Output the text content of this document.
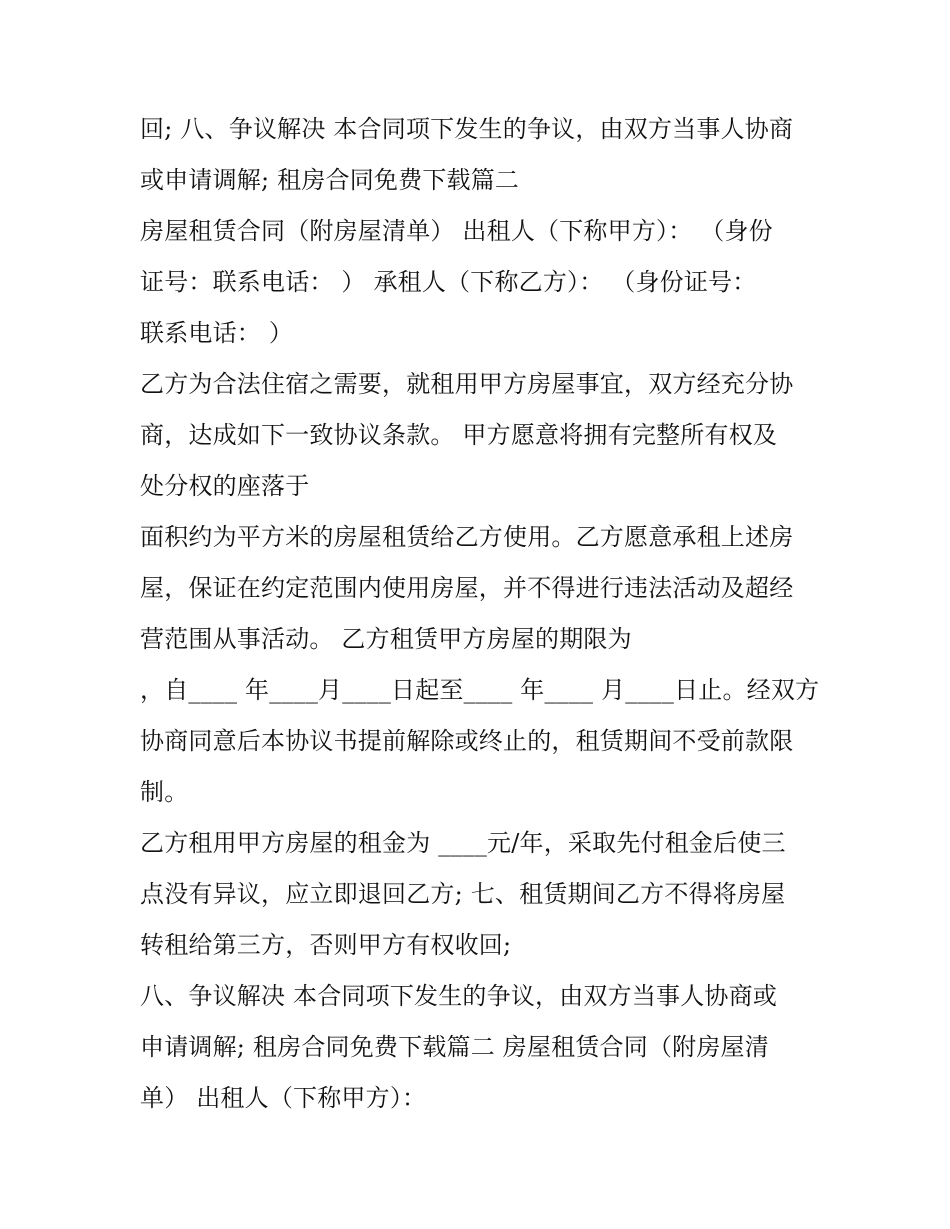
回; 八、争议解决 本合同项下发生的争议，由双方当事人协商
或申请调解; 租房合同免费下载篇二
房屋租赁合同（附房屋清单） 出租人（下称甲方）： （身份
证号：联系电话： ） 承租人（下称乙方）： （身份证号：
联系电话： ）
乙方为合法住宿之需要，就租用甲方房屋事宜，双方经充分协
商，达成如下一致协议条款。 甲方愿意将拥有完整所有权及
处分权的座落于
面积约为平方米的房屋租赁给乙方使用。乙方愿意承租上述房
屋，保证在约定范围内使用房屋，并不得进行违法活动及超经
营范围从事活动。 乙方租赁甲方房屋的期限为
，自____ 年____月____日起至____ 年____ 月____日止。经双方
协商同意后本协议书提前解除或终止的，租赁期间不受前款限
制。
乙方租用甲方房屋的租金为 ____元/年，采取先付租金后使三
点没有异议，应立即退回乙方; 七、租赁期间乙方不得将房屋
转租给第三方，否则甲方有权收回;
八、争议解决 本合同项下发生的争议，由双方当事人协商或
申请调解; 租房合同免费下载篇二 房屋租赁合同（附房屋清
单） 出租人（下称甲方）：
